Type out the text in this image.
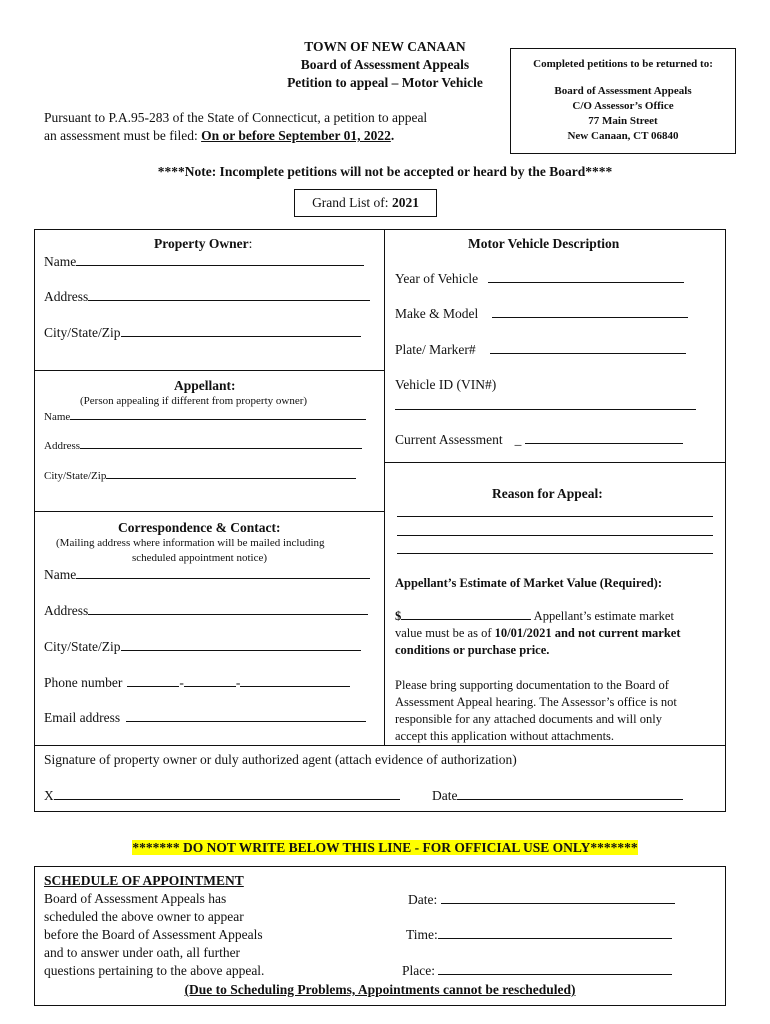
TOWN OF NEW CANAAN
Board of Assessment Appeals
Petition to appeal – Motor Vehicle
Pursuant to P.A.95-283 of the State of Connecticut, a petition to appeal
an assessment must be filed: On or before September 01, 2022.
Completed petitions to be returned to:
Board of Assessment Appeals
C/O Assessor’s Office
77 Main Street
New Canaan, CT 06840
****Note: Incomplete petitions will not be accepted or heard by the Board****
Grand List of: 2021
Property Owner:
Name
Address
City/State/Zip
Motor Vehicle Description
Year of Vehicle
Make & Model
Plate/ Marker#
Vehicle ID (VIN#)
Current Assessment _
Appellant:
(Person appealing if different from property owner)
Name
Address
City/State/Zip
Reason for Appeal:
Correspondence & Contact:
(Mailing address where information will be mailed including
scheduled appointment notice)
Name
Address
City/State/Zip
Phone number	-	-
Email address
Appellant’s Estimate of Market Value (Required):
$	Appellant’s estimate market
value must be as of 10/01/2021 and not current market
conditions or purchase price.
Please bring supporting documentation to the Board of
Assessment Appeal hearing. The Assessor’s office is not
responsible for any attached documents and will only
accept this application without attachments.
Signature of property owner or duly authorized agent (attach evidence of authorization)
X	Date
******* DO NOT WRITE BELOW THIS LINE - FOR OFFICIAL USE ONLY*******
SCHEDULE OF APPOINTMENT
Board of Assessment Appeals has
scheduled the above owner to appear
before the Board of Assessment Appeals
and to answer under oath, all further
questions pertaining to the above appeal.
Date:
Time:
Place:
(Due to Scheduling Problems, Appointments cannot be rescheduled)
